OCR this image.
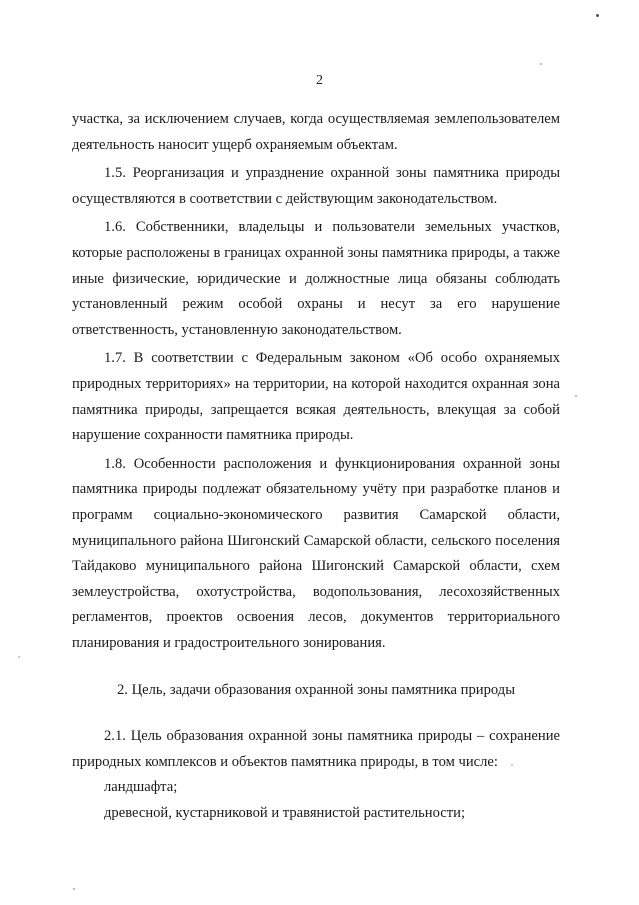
2

участка, за исключением случаев, когда осуществляемая землепользователем деятельность наносит ущерб охраняемым объектам.

1.5. Реорганизация и упразднение охранной зоны памятника природы осуществляются в соответствии с действующим законодательством.

1.6. Собственники, владельцы и пользователи земельных участков, которые расположены в границах охранной зоны памятника природы, а также иные физические, юридические и должностные лица обязаны соблюдать установленный режим особой охраны и несут за его нарушение ответственность, установленную законодательством.

1.7. В соответствии с Федеральным законом «Об особо охраняемых природных территориях» на территории, на которой находится охранная зона памятника природы, запрещается всякая деятельность, влекущая за собой нарушение сохранности памятника природы.

1.8. Особенности расположения и функционирования охранной зоны памятника природы подлежат обязательному учёту при разработке планов и программ социально-экономического развития Самарской области, муниципального района Шигонский Самарской области, сельского поселения Тайдаково муниципального района Шигонский Самарской области, схем землеустройства, охотустройства, водопользования, лесохозяйственных регламентов, проектов освоения лесов, документов территориального планирования и градостроительного зонирования.

2. Цель, задачи образования охранной зоны памятника природы

2.1. Цель образования охранной зоны памятника природы – сохранение природных комплексов и объектов памятника природы, в том числе:

ландшафта;

древесной, кустарниковой и травянистой растительности;
